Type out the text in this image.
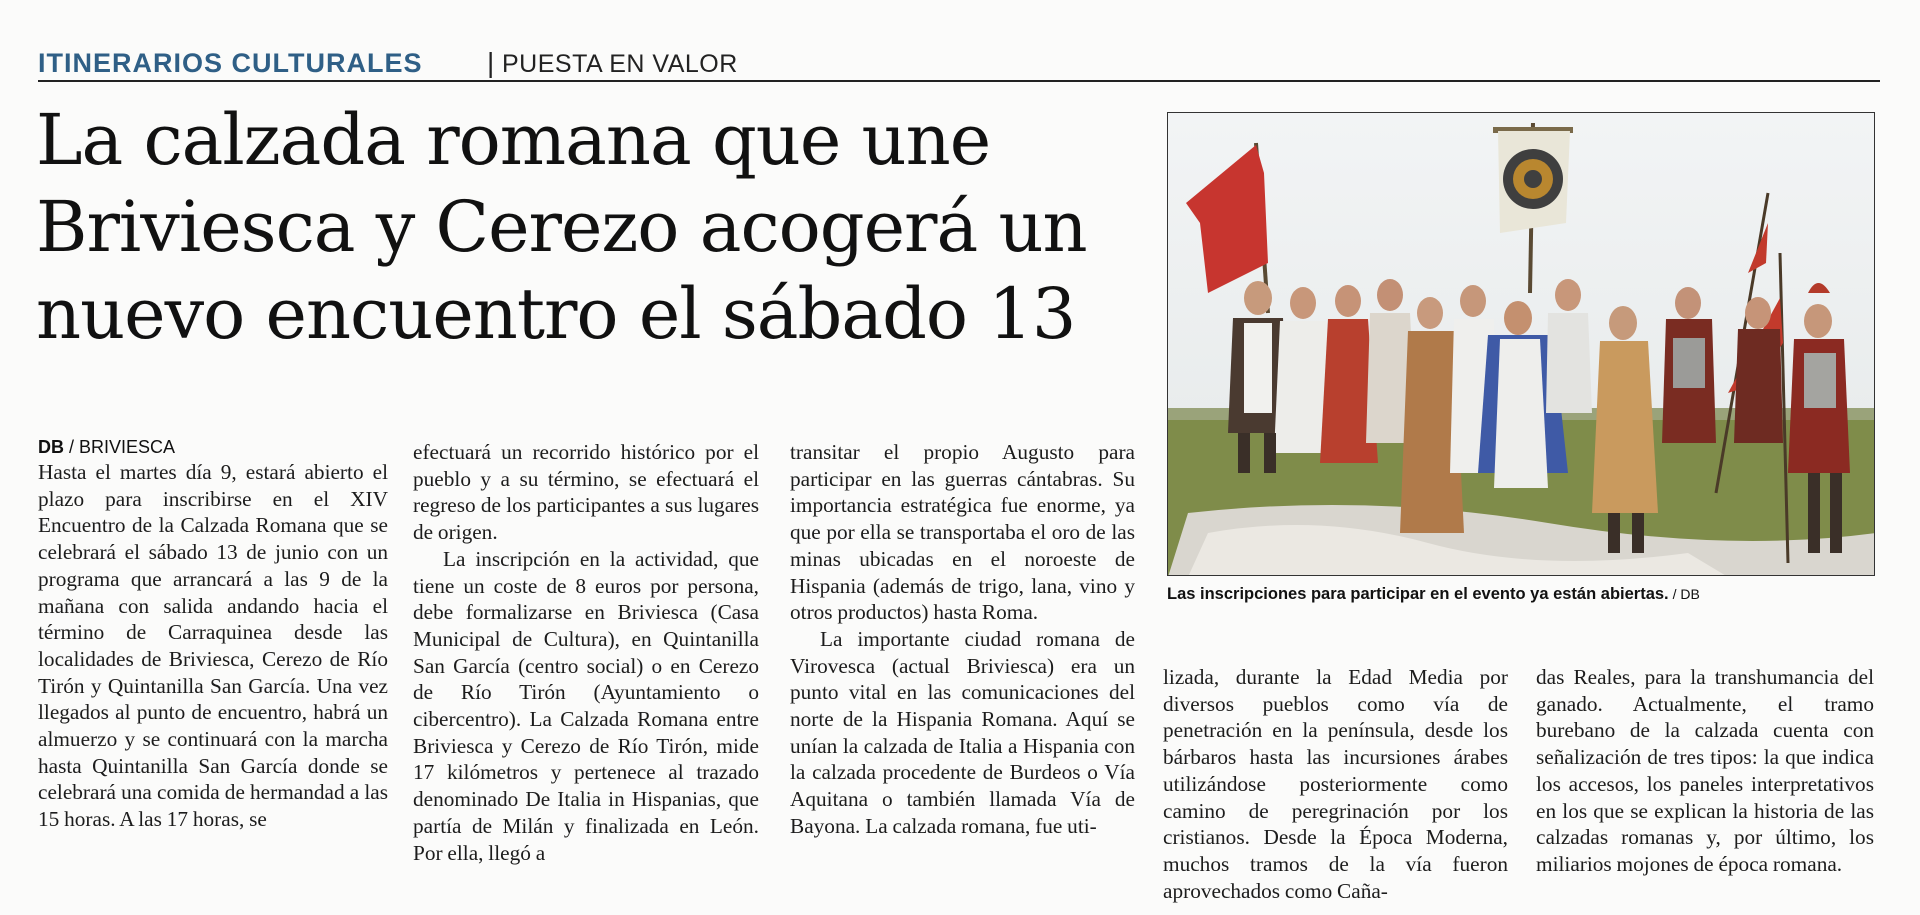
ITINERARIOS CULTURALES | PUESTA EN VALOR
La calzada romana que une Briviesca y Cerezo acogerá un nuevo encuentro el sábado 13
Las inscripciones para participar en el evento ya están abiertas. / DB
DB / BRIVIESCA

Hasta el martes día 9, estará abierto el plazo para inscribirse en el XIV Encuentro de la Calzada Romana que se celebrará el sábado 13 de junio con un programa que arrancará a las 9 de la mañana con salida andando hacia el término de Carraquinea desde las localidades de Briviesca, Cerezo de Río Tirón y Quintanilla San García. Una vez llegados al punto de encuentro, habrá un almuerzo y se continuará con la marcha hasta Quintanilla San García donde se celebrará una comida de hermandad a las 15 horas. A las 17 horas, se

efectuará un recorrido histórico por el pueblo y a su término, se efectuará el regreso de los participantes a sus lugares de origen.

La inscripción en la actividad, que tiene un coste de 8 euros por persona, debe formalizarse en Briviesca (Casa Municipal de Cultura), en Quintanilla San García (centro social) o en Cerezo de Río Tirón (Ayuntamiento o cibercentro). La Calzada Romana entre Briviesca y Cerezo de Río Tirón, mide 17 kilómetros y pertenece al trazado denominado De Italia in Hispanias, que partía de Milán y finalizada en León. Por ella, llegó a

transitar el propio Augusto para participar en las guerras cántabras. Su importancia estratégica fue enorme, ya que por ella se transportaba el oro de las minas ubicadas en el noroeste de Hispania (además de trigo, lana, vino y otros productos) hasta Roma.

La importante ciudad romana de Virovesca (actual Briviesca) era un punto vital en las comunicaciones del norte de la Hispania Romana. Aquí se unían la calzada de Italia a Hispania con la calzada procedente de Burdeos o Vía Aquitana o también llamada Vía de Bayona. La calzada romana, fue uti-

lizada, durante la Edad Media por diversos pueblos como vía de penetración en la península, desde los bárbaros hasta las incursiones árabes utilizándose posteriormente como camino de peregrinación por los cristianos. Desde la Época Moderna, muchos tramos de la vía fueron aprovechados como Caña-

das Reales, para la transhumancia del ganado. Actualmente, el tramo burebano de la calzada cuenta con señalización de tres tipos: la que indica los accesos, los paneles interpretativos en los que se explican la historia de las calzadas romanas y, por último, los miliarios mojones de época romana.
